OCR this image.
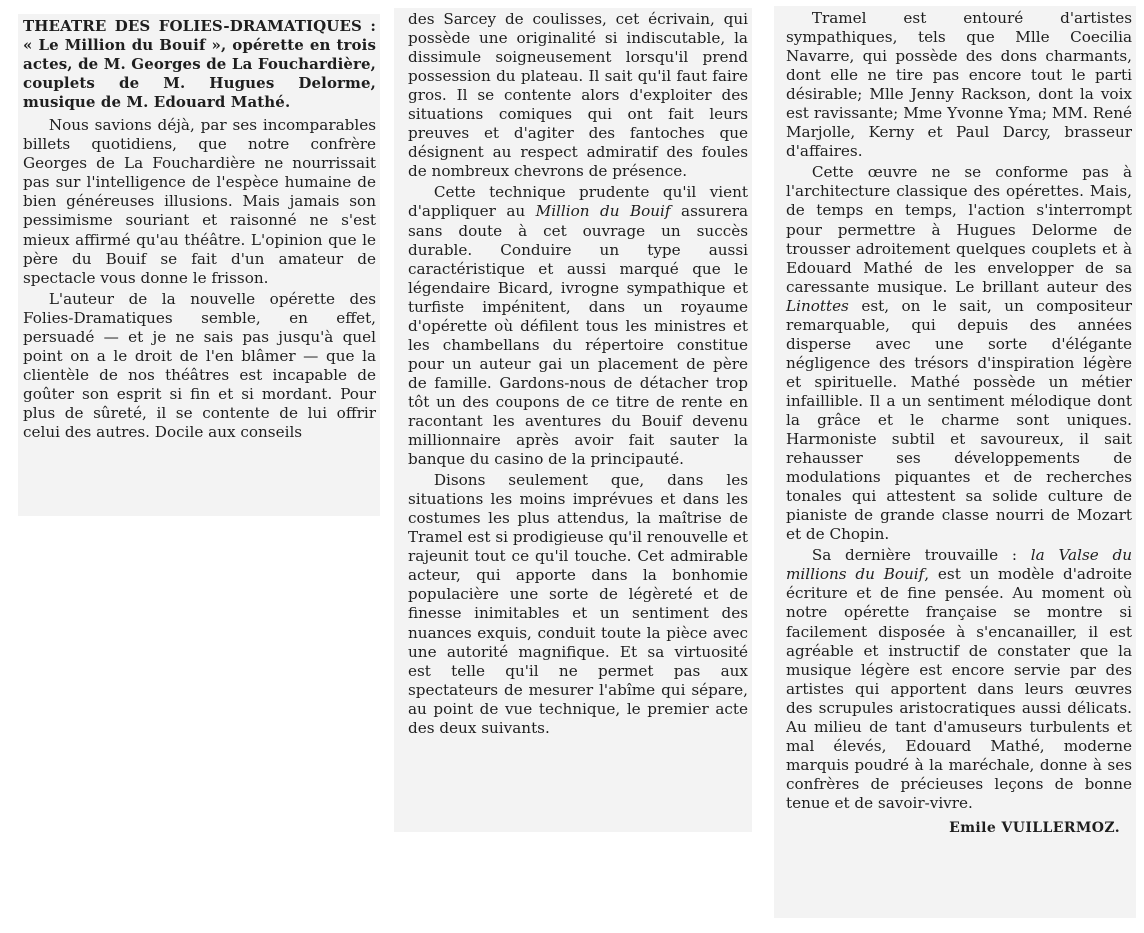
THEATRE DES FOLIES-DRAMATIQUES : « Le Million du Bouif », opérette en trois actes, de M. Georges de La Fouchardière, couplets de M. Hugues Delorme, musique de M. Edouard Mathé.

Nous savions déjà, par ses incomparables billets quotidiens, que notre confrère Georges de La Fouchardière ne nourrissait pas sur l'intelligence de l'espèce humaine de bien généreuses illusions. Mais jamais son pessimisme souriant et raisonné ne s'est mieux affirmé qu'au théâtre. L'opinion que le père du Bouif se fait d'un amateur de spectacle vous donne le frisson.

L'auteur de la nouvelle opérette des Folies-Dramatiques semble, en effet, persuadé — et je ne sais pas jusqu'à quel point on a le droit de l'en blâmer — que la clientèle de nos théâtres est incapable de goûter son esprit si fin et si mordant. Pour plus de sûreté, il se contente de lui offrir celui des autres. Docile aux conseils

des Sarcey de coulisses, cet écrivain, qui possède une originalité si indiscutable, la dissimule soigneusement lorsqu'il prend possession du plateau. Il sait qu'il faut faire gros. Il se contente alors d'exploiter des situations comiques qui ont fait leurs preuves et d'agiter des fantoches que désignent au respect admiratif des foules de nombreux chevrons de présence.

Cette technique prudente qu'il vient d'appliquer au Million du Bouif assurera sans doute à cet ouvrage un succès durable. Conduire un type aussi caractéristique et aussi marqué que le légendaire Bicard, ivrogne sympathique et turfiste impénitent, dans un royaume d'opérette où défilent tous les ministres et les chambellans du répertoire constitue pour un auteur gai un placement de père de famille. Gardons-nous de détacher trop tôt un des coupons de ce titre de rente en racontant les aventures du Bouif devenu millionnaire après avoir fait sauter la banque du casino de la principauté.

Disons seulement que, dans les situations les moins imprévues et dans les costumes les plus attendus, la maîtrise de Tramel est si prodigieuse qu'il renouvelle et rajeunit tout ce qu'il touche. Cet admirable acteur, qui apporte dans la bonhomie populacière une sorte de légèreté et de finesse inimitables et un sentiment des nuances exquis, conduit toute la pièce avec une autorité magnifique. Et sa virtuosité est telle qu'il ne permet pas aux spectateurs de mesurer l'abîme qui sépare, au point de vue technique, le premier acte des deux suivants.

Tramel est entouré d'artistes sympathiques, tels que Mlle Coecilia Navarre, qui possède des dons charmants, dont elle ne tire pas encore tout le parti désirable; Mlle Jenny Rackson, dont la voix est ravissante; Mme Yvonne Yma; MM. René Marjolle, Kerny et Paul Darcy, brasseur d'affaires.

Cette œuvre ne se conforme pas à l'architecture classique des opérettes. Mais, de temps en temps, l'action s'interrompt pour permettre à Hugues Delorme de trousser adroitement quelques couplets et à Edouard Mathé de les envelopper de sa caressante musique. Le brillant auteur des Linottes est, on le sait, un compositeur remarquable, qui depuis des années disperse avec une sorte d'élégante négligence des trésors d'inspiration légère et spirituelle. Mathé possède un métier infaillible. Il a un sentiment mélodique dont la grâce et le charme sont uniques. Harmoniste subtil et savoureux, il sait rehausser ses développements de modulations piquantes et de recherches tonales qui attestent sa solide culture de pianiste de grande classe nourri de Mozart et de Chopin.

Sa dernière trouvaille : la Valse du millions du Bouif, est un modèle d'adroite écriture et de fine pensée. Au moment où notre opérette française se montre si facilement disposée à s'encanailler, il est agréable et instructif de constater que la musique légère est encore servie par des artistes qui apportent dans leurs œuvres des scrupules aristocratiques aussi délicats. Au milieu de tant d'amuseurs turbulents et mal élevés, Edouard Mathé, moderne marquis poudré à la maréchale, donne à ses confrères de précieuses leçons de bonne tenue et de savoir-vivre.

Emile VUILLERMOZ.
